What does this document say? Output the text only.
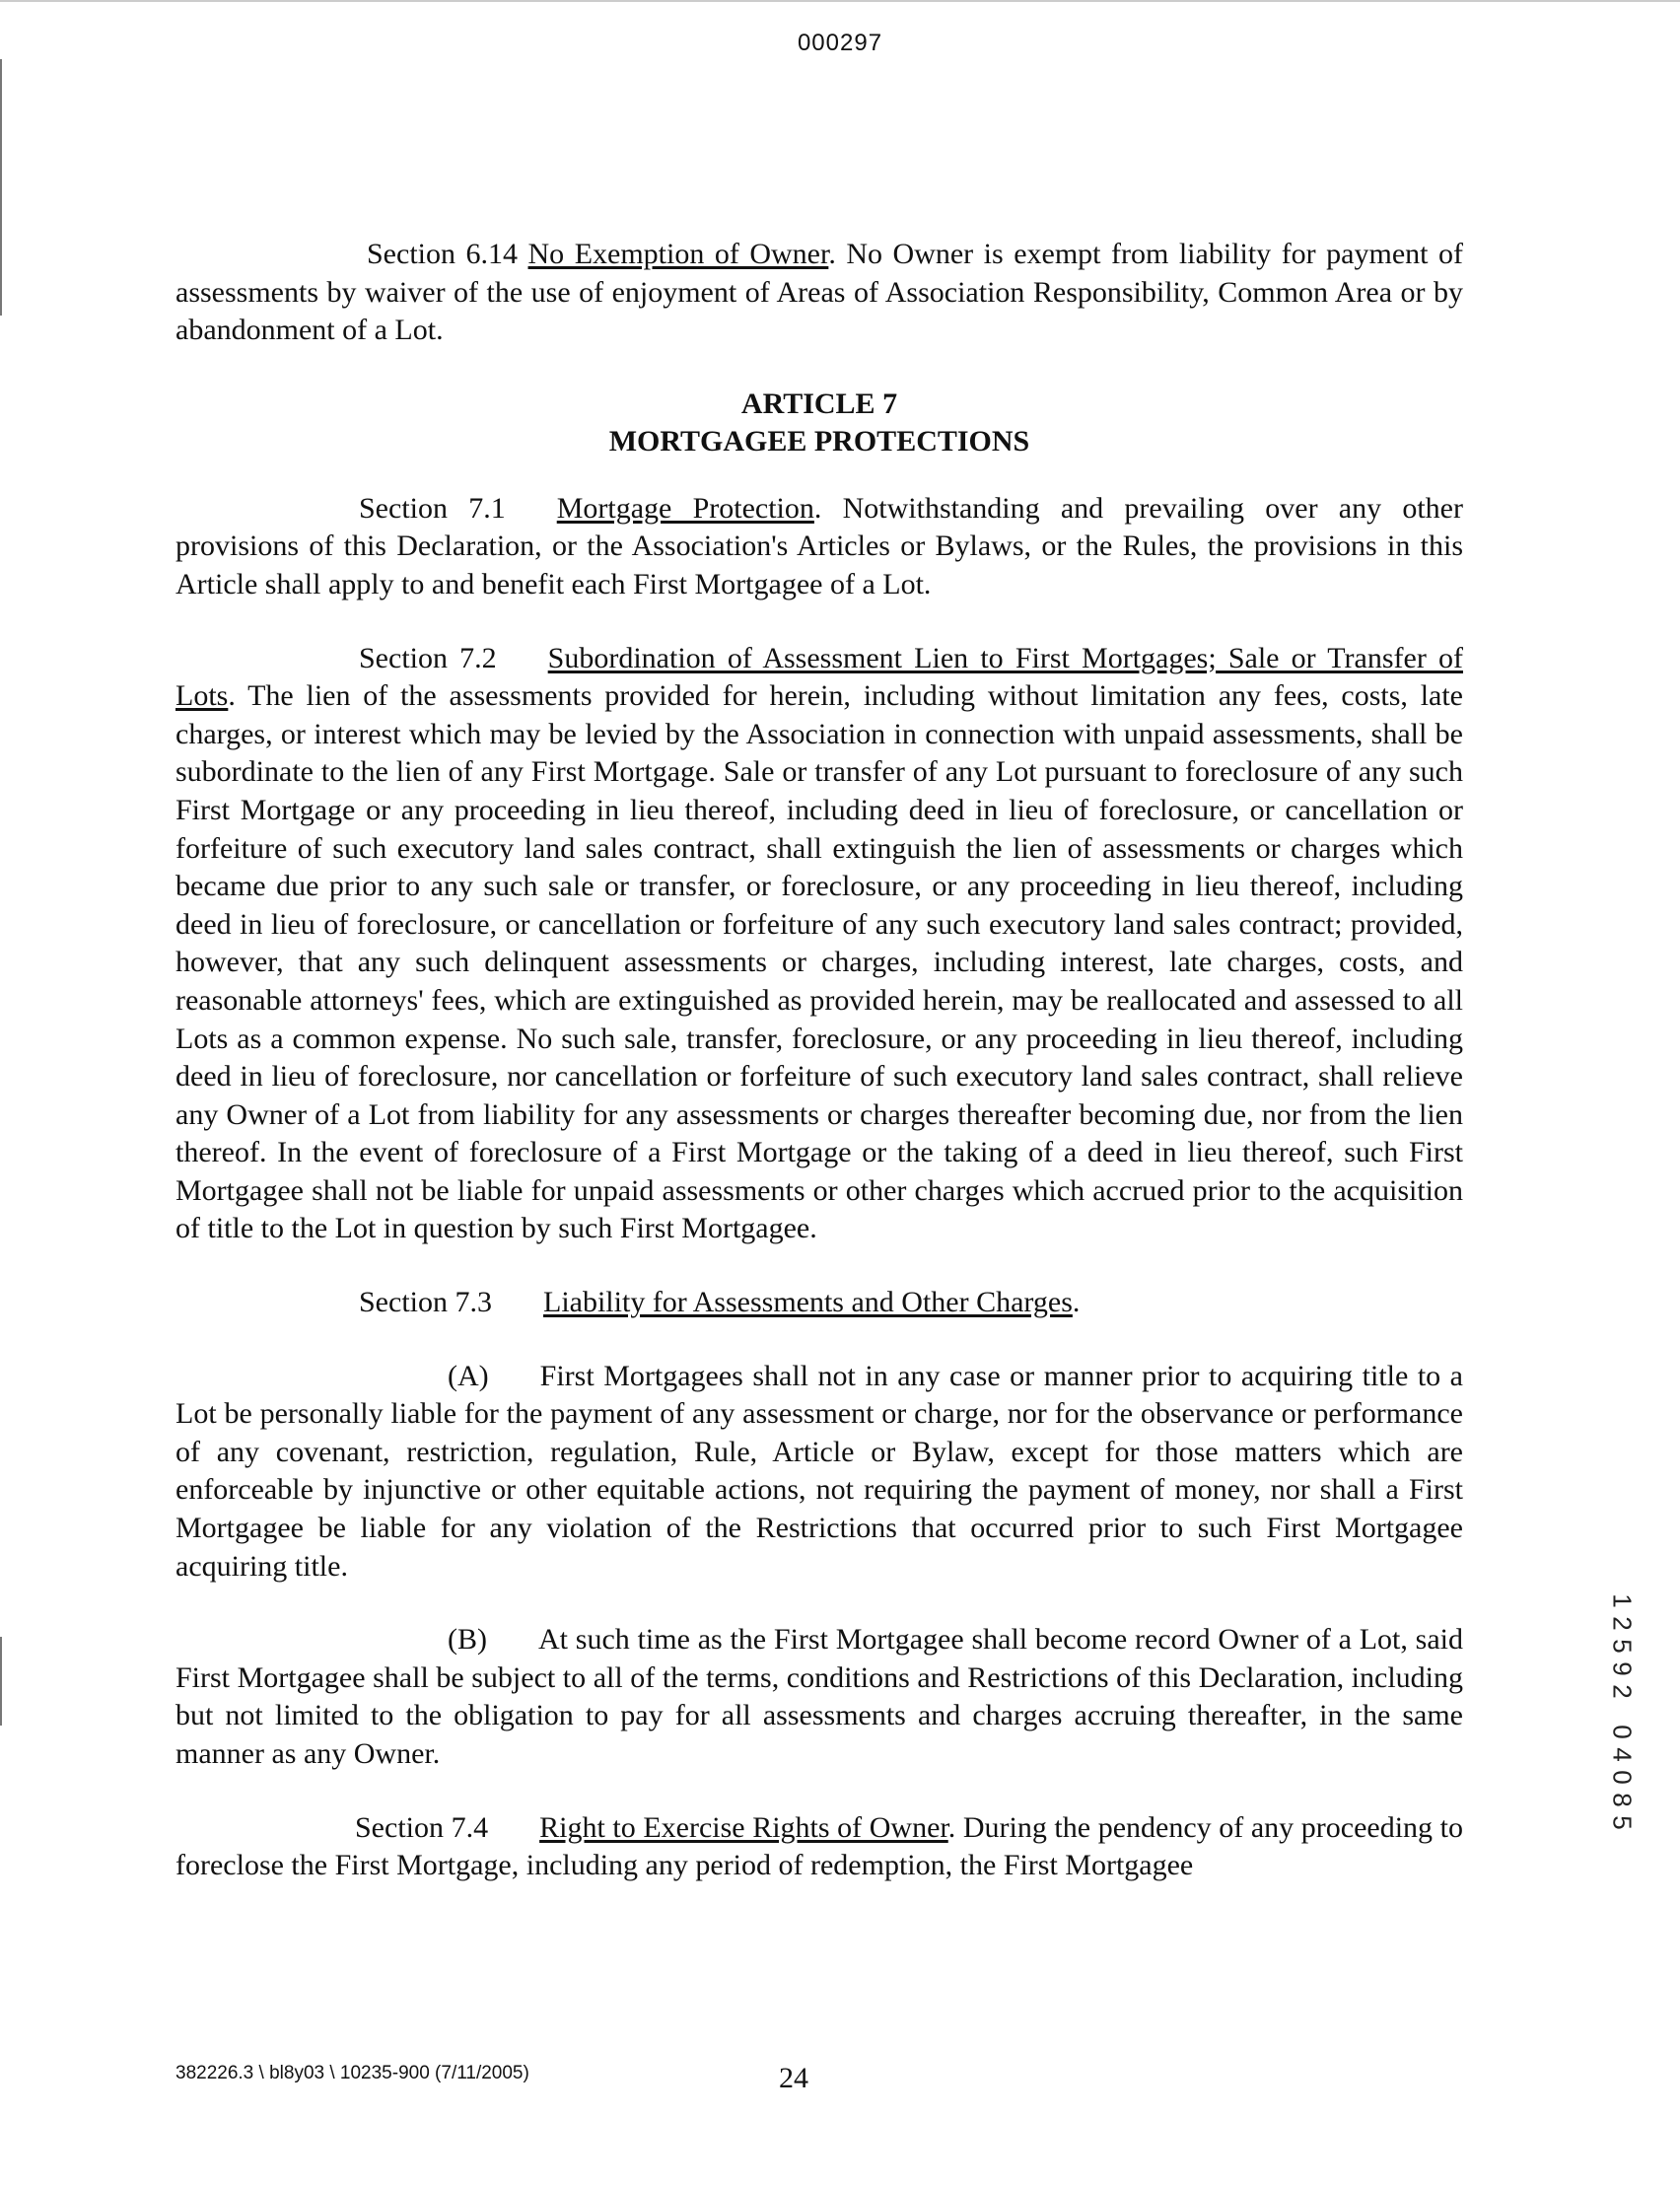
000297

Section 6.14 No Exemption of Owner. No Owner is exempt from liability for payment of assessments by waiver of the use of enjoyment of Areas of Association Responsibility, Common Area or by abandonment of a Lot.

ARTICLE 7
MORTGAGEE PROTECTIONS

Section 7.1 Mortgage Protection. Notwithstanding and prevailing over any other provisions of this Declaration, or the Association's Articles or Bylaws, or the Rules, the provisions in this Article shall apply to and benefit each First Mortgagee of a Lot.

Section 7.2 Subordination of Assessment Lien to First Mortgages; Sale or Transfer of Lots. The lien of the assessments provided for herein, including without limitation any fees, costs, late charges, or interest which may be levied by the Association in connection with unpaid assessments, shall be subordinate to the lien of any First Mortgage. Sale or transfer of any Lot pursuant to foreclosure of any such First Mortgage or any proceeding in lieu thereof, including deed in lieu of foreclosure, or cancellation or forfeiture of such executory land sales contract, shall extinguish the lien of assessments or charges which became due prior to any such sale or transfer, or foreclosure, or any proceeding in lieu thereof, including deed in lieu of foreclosure, or cancellation or forfeiture of any such executory land sales contract; provided, however, that any such delinquent assessments or charges, including interest, late charges, costs, and reasonable attorneys' fees, which are extinguished as provided herein, may be reallocated and assessed to all Lots as a common expense. No such sale, transfer, foreclosure, or any proceeding in lieu thereof, including deed in lieu of foreclosure, nor cancellation or forfeiture of such executory land sales contract, shall relieve any Owner of a Lot from liability for any assessments or charges thereafter becoming due, nor from the lien thereof. In the event of foreclosure of a First Mortgage or the taking of a deed in lieu thereof, such First Mortgagee shall not be liable for unpaid assessments or other charges which accrued prior to the acquisition of title to the Lot in question by such First Mortgagee.

Section 7.3 Liability for Assessments and Other Charges.

(A) First Mortgagees shall not in any case or manner prior to acquiring title to a Lot be personally liable for the payment of any assessment or charge, nor for the observance or performance of any covenant, restriction, regulation, Rule, Article or Bylaw, except for those matters which are enforceable by injunctive or other equitable actions, not requiring the payment of money, nor shall a First Mortgagee be liable for any violation of the Restrictions that occurred prior to such First Mortgagee acquiring title.

(B) At such time as the First Mortgagee shall become record Owner of a Lot, said First Mortgagee shall be subject to all of the terms, conditions and Restrictions of this Declaration, including but not limited to the obligation to pay for all assessments and charges accruing thereafter, in the same manner as any Owner.

Section 7.4 Right to Exercise Rights of Owner. During the pendency of any proceeding to foreclose the First Mortgage, including any period of redemption, the First Mortgagee

1
2
5
9
2
0
4
0
8
5
382226.3 \ bl8y03 \ 10235-900 (7/11/2005)	24
